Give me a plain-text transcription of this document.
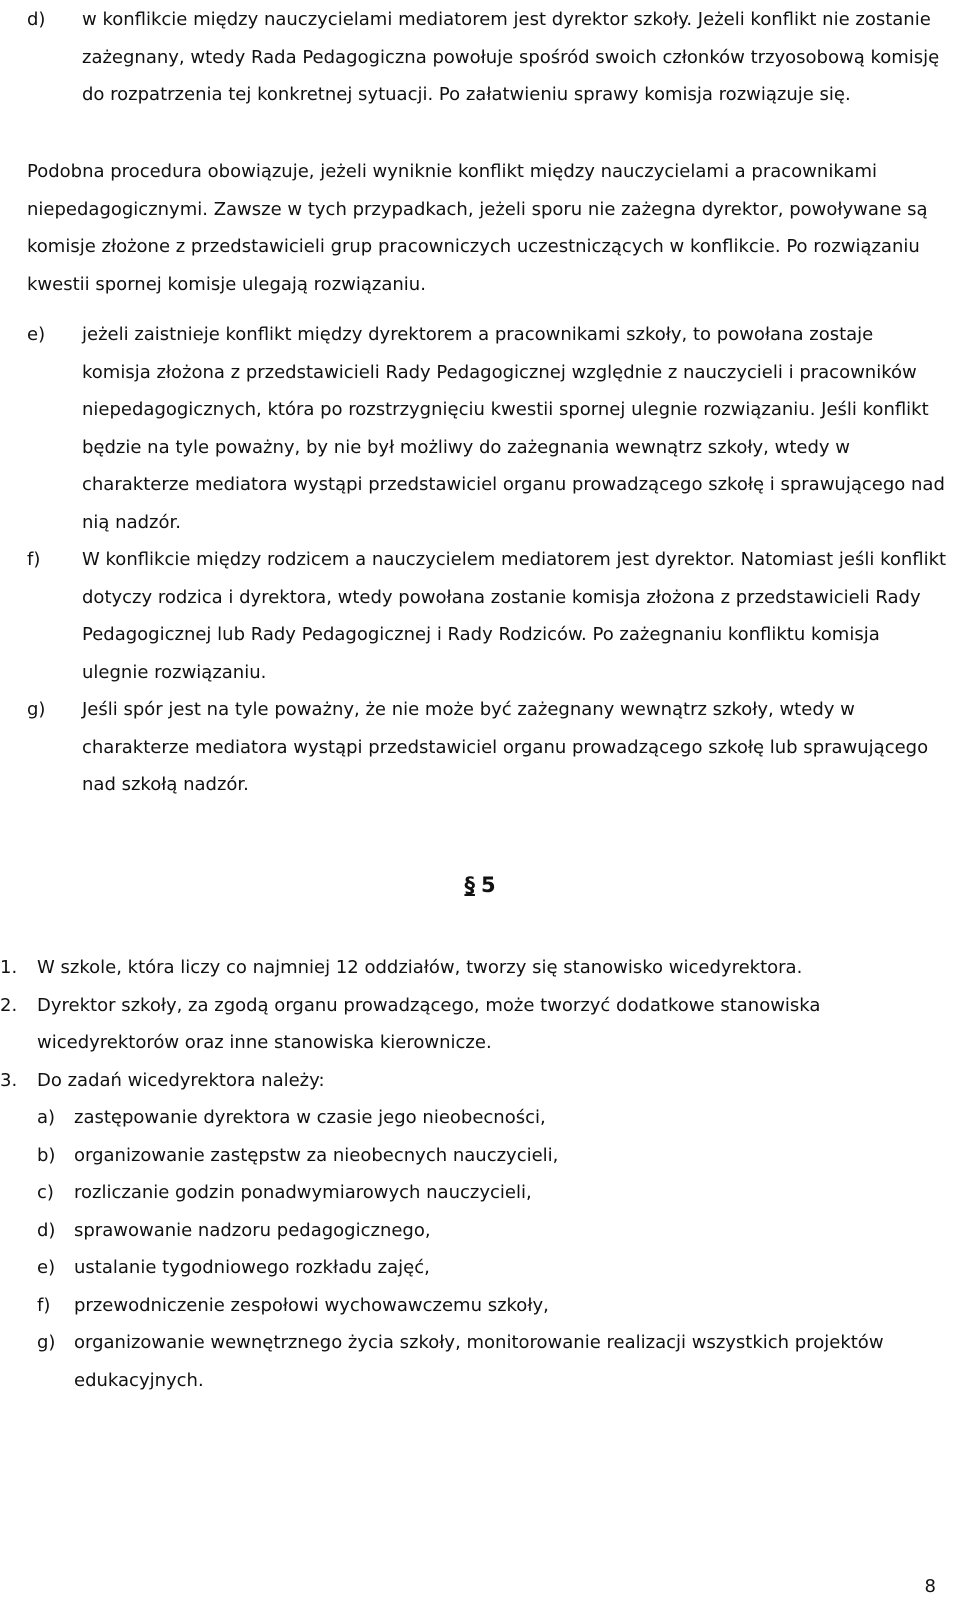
d)	w konflikcie między nauczycielami mediatorem jest dyrektor szkoły. Jeżeli konflikt nie zostanie zażegnany, wtedy Rada Pedagogiczna powołuje spośród swoich członków trzyosobową komisję do rozpatrzenia tej konkretnej sytuacji. Po załatwieniu sprawy komisja rozwiązuje się.
Podobna procedura obowiązuje, jeżeli wyniknie konflikt między nauczycielami a pracownikami niepedagogicznymi. Zawsze w tych przypadkach, jeżeli sporu nie zażegna dyrektor, powoływane są komisje złożone z przedstawicieli grup pracowniczych uczestniczących w konflikcie. Po rozwiązaniu kwestii spornej komisje ulegają rozwiązaniu.
e)	jeżeli zaistnieje konflikt między dyrektorem a pracownikami szkoły, to powołana zostaje komisja złożona z przedstawicieli Rady Pedagogicznej względnie z nauczycieli i pracowników niepedagogicznych, która po rozstrzygnięciu kwestii spornej ulegnie rozwiązaniu. Jeśli konflikt będzie na tyle poważny, by nie był możliwy do zażegnania wewnątrz szkoły, wtedy w charakterze mediatora wystąpi przedstawiciel organu prowadzącego szkołę i sprawującego nad nią nadzór.
f)	W konflikcie między rodzicem a nauczycielem mediatorem jest dyrektor. Natomiast jeśli konflikt dotyczy rodzica i dyrektora, wtedy powołana zostanie komisja złożona z przedstawicieli Rady Pedagogicznej lub Rady Pedagogicznej i Rady Rodziców. Po zażegnaniu konfliktu komisja ulegnie rozwiązaniu.
g)	Jeśli spór jest na tyle poważny, że nie może być zażegnany wewnątrz szkoły, wtedy w charakterze mediatora wystąpi przedstawiciel organu prowadzącego szkołę lub sprawującego nad szkołą nadzór.
§ 5
1.	W szkole, która liczy co najmniej 12 oddziałów, tworzy się stanowisko wicedyrektora.
2.	Dyrektor szkoły, za zgodą organu prowadzącego, może tworzyć dodatkowe stanowiska wicedyrektorów oraz inne stanowiska kierownicze.
3.	Do zadań wicedyrektora należy:
a)	zastępowanie dyrektora w czasie jego nieobecności,
b)	organizowanie zastępstw za nieobecnych nauczycieli,
c)	rozliczanie godzin ponadwymiarowych nauczycieli,
d)	sprawowanie nadzoru pedagogicznego,
e)	ustalanie tygodniowego rozkładu zajęć,
f)	przewodniczenie zespołowi wychowawczemu szkoły,
g)	organizowanie wewnętrznego życia szkoły, monitorowanie realizacji wszystkich projektów edukacyjnych.
8
